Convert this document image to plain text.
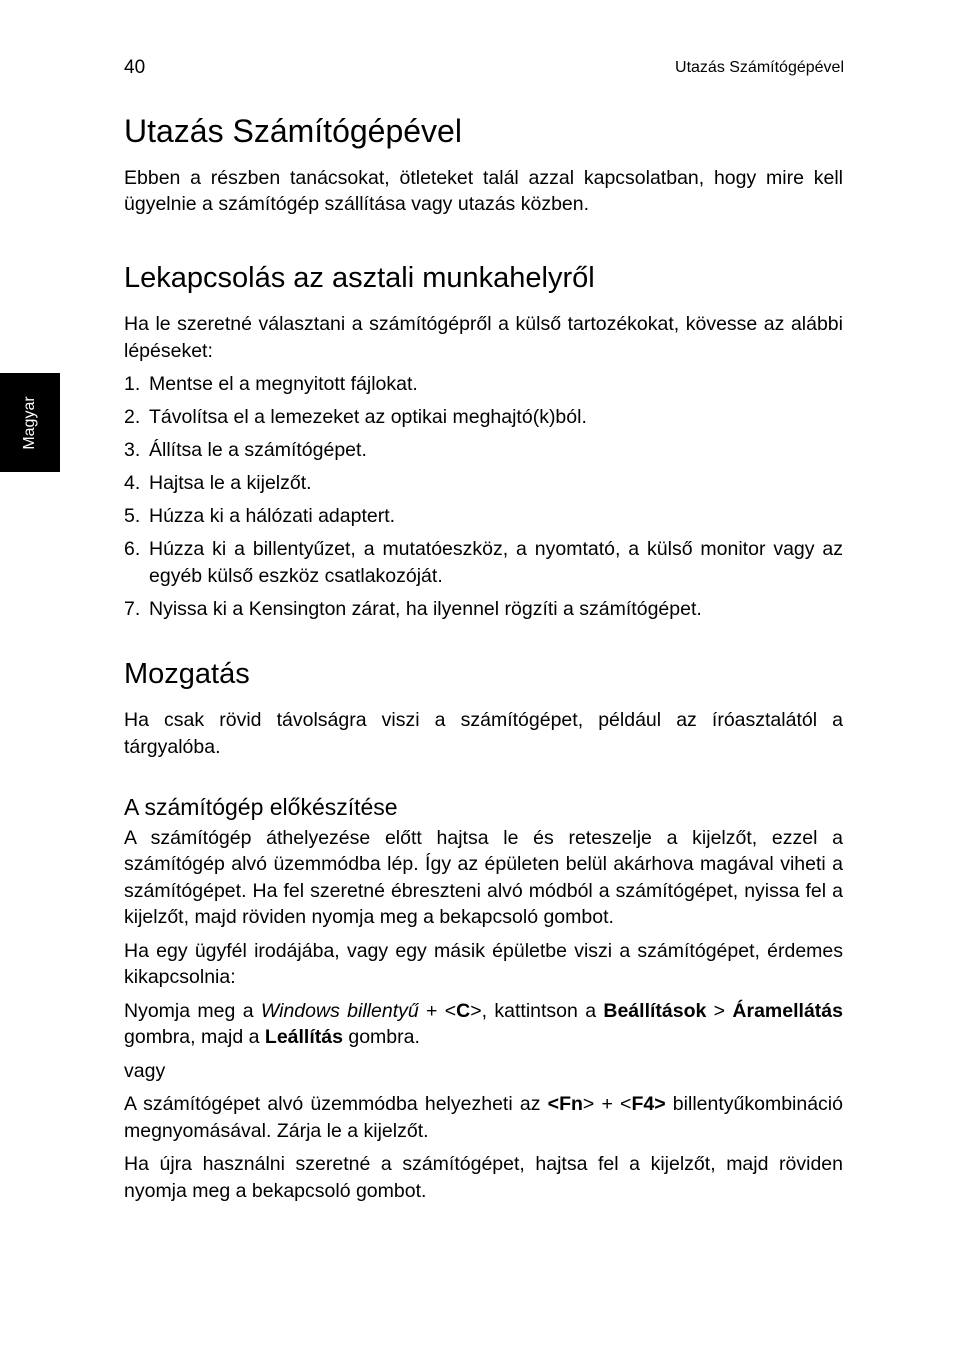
40	Utazás Számítógépével
Magyar
Utazás Számítógépével

Ebben a részben tanácsokat, ötleteket talál azzal kapcsolatban, hogy mire kell ügyelnie a számítógép szállítása vagy utazás közben.

Lekapcsolás az asztali munkahelyről

Ha le szeretné választani a számítógépről a külső tartozékokat, kövesse az alábbi lépéseket:

1. Mentse el a megnyitott fájlokat.
2. Távolítsa el a lemezeket az optikai meghajtó(k)ból.
3. Állítsa le a számítógépet.
4. Hajtsa le a kijelzőt.
5. Húzza ki a hálózati adaptert.
6. Húzza ki a billentyűzet, a mutatóeszköz, a nyomtató, a külső monitor vagy az egyéb külső eszköz csatlakozóját.
7. Nyissa ki a Kensington zárat, ha ilyennel rögzíti a számítógépet.
Mozgatás

Ha csak rövid távolságra viszi a számítógépet, például az íróasztalától a tárgyalóba.

A számítógép előkészítése

A számítógép áthelyezése előtt hajtsa le és reteszelje a kijelzőt, ezzel a számítógép alvó üzemmódba lép. Így az épületen belül akárhova magával viheti a számítógépet. Ha fel szeretné ébreszteni alvó módból a számítógépet, nyissa fel a kijelzőt, majd röviden nyomja meg a bekapcsoló gombot.

Ha egy ügyfél irodájába, vagy egy másik épületbe viszi a számítógépet, érdemes kikapcsolnia:

Nyomja meg a Windows billentyű + <C>, kattintson a Beállítások > Áramellátás gombra, majd a Leállítás gombra.

vagy

A számítógépet alvó üzemmódba helyezheti az <Fn> + <F4> billentyűkombináció megnyomásával. Zárja le a kijelzőt.

Ha újra használni szeretné a számítógépet, hajtsa fel a kijelzőt, majd röviden nyomja meg a bekapcsoló gombot.
